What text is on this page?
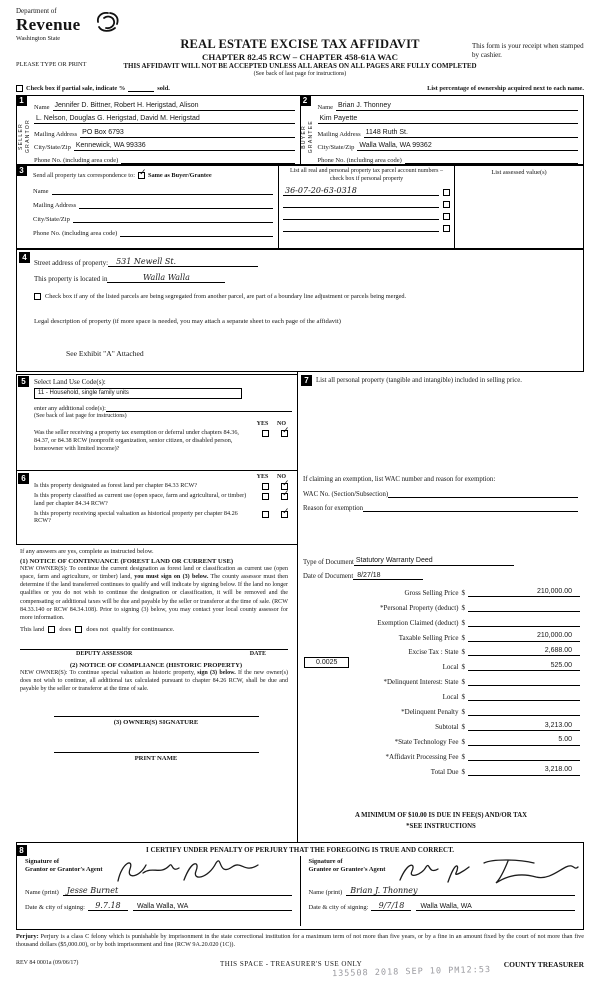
Department of
Revenue
Washington State	REAL ESTATE EXCISE TAX AFFIDAVIT
CHAPTER 82.45 RCW – CHAPTER 458-61A WAC
This form is your receipt when stamped by cashier.
PLEASE TYPE OR PRINT	THIS AFFIDAVIT WILL NOT BE ACCEPTED UNLESS ALL AREAS ON ALL PAGES ARE FULLY COMPLETED
(See back of last page for instructions)
Check box if partial sale, indicate %	sold.	List percentage of ownership acquired next to each name.
1
SELLER GRANTOR
Name Jennifer D. Bittner, Robert H. Herigstad, Alison
L. Nelson, Douglas G. Herigstad, David M. Herigstad
Mailing Address PO Box 6793
City/State/Zip Kennewick, WA 99336
Phone No. (including area code)
2
BUYER GRANTEE
Name Brian J. Thonney
Kim Payette
Mailing Address 1148 Ruth St.
City/State/Zip Walla Walla, WA 99362
Phone No. (including area code)
3	Send all property tax correspondence to: ✓ Same as Buyer/Grantee
Name
Mailing Address
City/State/Zip
Phone No. (including area code)
List all real and personal property tax parcel account numbers – check box if personal property
36-07-20-63-0318
List assessed value(s)
4
Street address of property:	531 Newell St.
This property is located in	Walla Walla
Check box if any of the listed parcels are being segregated from another parcel, are part of a boundary line adjustment or parcels being merged.
Legal description of property (if more space is needed, you may attach a separate sheet to each page of the affidavit)
See Exhibit "A" Attached
5	Select Land Use Code(s):
11 - Household, single family units
enter any additional code(s):
(See back of last page for instructions)
YES	NO
Was the seller receiving a property tax exemption or deferral under chapters 84.36, 84.37, or 84.38 RCW (nonprofit organization, senior citizen, or disabled person, homeowner with limited income)?
✓
6	YES	NO
Is this property designated as forest land per chapter 84.33 RCW?	✓
Is this property classified as current use (open space, farm and agricultural, or timber) land per chapter 84.34 RCW?
✓
Is this property receiving special valuation as historical property per chapter 84.26 RCW?
✓
If any answers are yes, complete as instructed below.
(1) NOTICE OF CONTINUANCE (FOREST LAND OR CURRENT USE)
NEW OWNER(S): To continue the current designation as forest land or classification as current use (open space, farm and agriculture, or timber) land, you must sign on (3) below. The county assessor must then determine if the land transferred continues to qualify and will indicate by signing below. If the land no longer qualifies or you do not wish to continue the designation or classification, it will be removed and the compensating or additional taxes will be due and payable by the seller or transferor at the time of sale. (RCW 84.33.140 or RCW 84.34.108). Prior to signing (3) below, you may contact your local county assessor for more information.
This land does does not qualify for continuance.
DEPUTY ASSESSOR	DATE
(2) NOTICE OF COMPLIANCE (HISTORIC PROPERTY)
NEW OWNER(S): To continue special valuation as historic property, sign (3) below. If the new owner(s) does not wish to continue, all additional tax calculated pursuant to chapter 84.26 RCW, shall be due and payable by the seller or transferor at the time of sale.
(3) OWNER(S) SIGNATURE
PRINT NAME
7	List all personal property (tangible and intangible) included in selling price.
If claiming an exemption, list WAC number and reason for exemption:
WAC No. (Section/Subsection)
Reason for exemption
Type of Document Statutory Warranty Deed
Date of Document 8/27/18
Gross Selling Price $	210,000.00
*Personal Property (deduct) $
Exemption Claimed (deduct) $
Taxable Selling Price $	210,000.00
Excise Tax : State $	2,688.00
0.0025
Local $	525.00
*Delinquent Interest: State $
Local $
*Delinquent Penalty $
Subtotal $	3,213.00
*State Technology Fee $	5.00
*Affidavit Processing Fee $
Total Due $	3,218.00
A MINIMUM OF $10.00 IS DUE IN FEE(S) AND/OR TAX
*SEE INSTRUCTIONS
8	I CERTIFY UNDER PENALTY OF PERJURY THAT THE FOREGOING IS TRUE AND CORRECT.
Signature of
Grantor or Grantor's Agent
Name (print)	Jesse Burnet
Date & city of signing:	9.7.18	Walla Walla, WA
Signature of
Grantee or Grantee's Agent
Name (print)	Brian J. Thonney
Date & city of signing:	9/7/18	Walla Walla, WA
Perjury: Perjury is a class C felony which is punishable by imprisonment in the state correctional institution for a maximum term of not more than five years, or by a fine in an amount fixed by the court of not more than five thousand dollars ($5,000.00), or by both imprisonment and fine (RCW 9A.20.020 (1C)).
REV 84 0001a (09/06/17)	THIS SPACE - TREASURER'S USE ONLY	COUNTY TREASURER
135508 2018 SEP 10 PM12:53
